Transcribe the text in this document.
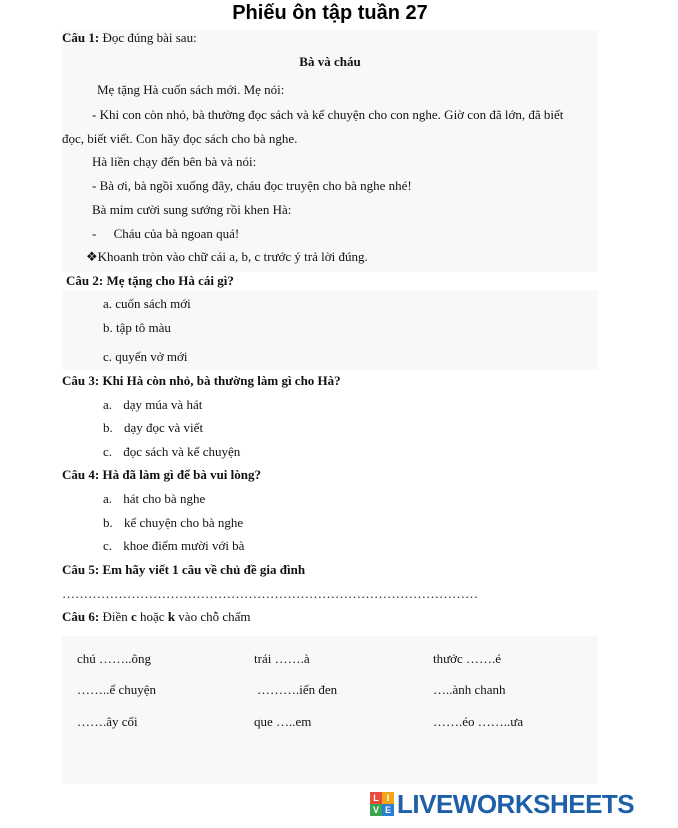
Phiếu ôn tập tuần 27
Câu 1: Đọc đúng bài sau:
Bà và cháu
Mẹ tặng Hà cuốn sách mới. Mẹ nói:
- Khi con còn nhỏ, bà thường đọc sách và kể chuyện cho con nghe. Giờ con đã lớn, đã biết
đọc, biết viết. Con hãy đọc sách cho bà nghe.
Hà liền chạy đến bên bà và nói:
- Bà ơi, bà ngồi xuống đây, cháu đọc truyện cho bà nghe nhé!
Bà mỉm cười sung sướng rồi khen Hà:
- Cháu của bà ngoan quá!
❖Khoanh tròn vào chữ cái a, b, c trước ý trả lời đúng.
Câu 2: Mẹ tặng cho Hà cái gì?
a. cuốn sách mới
b. tập tô màu
c. quyển vở mới
Câu 3: Khi Hà còn nhỏ, bà thường làm gì cho Hà?
a. dạy múa và hát
b. dạy đọc và viết
c. đọc sách và kể chuyện
Câu 4: Hà đã làm gì để bà vui lòng?
a. hát cho bà nghe
b. kể chuyện cho bà nghe
c. khoe điểm mười với bà
Câu 5: Em hãy viết 1 câu về chủ đề gia đình
……………………………………………………………………………………
Câu 6: Điền c hoặc k vào chỗ chấm
chú ……..ông	trái …….à	thước …….é
……..ể chuyện	……….iến đen	…..ành chanh
…….ây cối	que …..em	…….éo ……..ưa
L I
V E LIVEWORKSHEETS
